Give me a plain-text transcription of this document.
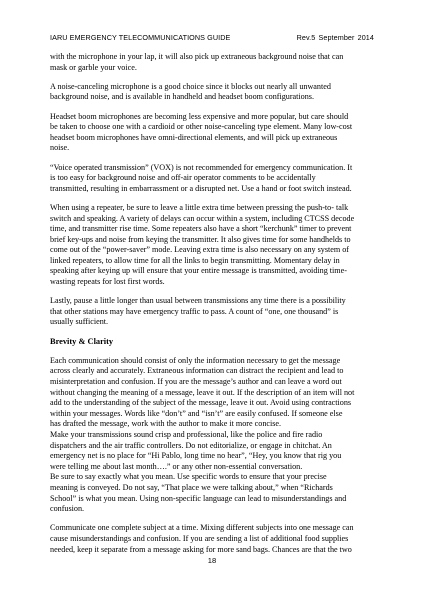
IARU EMERGENCY TELECOMMUNICATIONS GUIDE	Rev.5 September 2014

with the microphone in your lap, it will also pick up extraneous background noise that can
mask or garble your voice.

A noise-canceling microphone is a good choice since it blocks out nearly all unwanted
background noise, and is available in handheld and headset boom configurations.

Headset boom microphones are becoming less expensive and more popular, but care should
be taken to choose one with a cardioid or other noise-canceling type element. Many low-cost
headset boom microphones have omni-directional elements, and will pick up extraneous
noise.

“Voice operated transmission” (VOX) is not recommended for emergency communication. It
is too easy for background noise and off-air operator comments to be accidentally
transmitted, resulting in embarrassment or a disrupted net. Use a hand or foot switch instead.

When using a repeater, be sure to leave a little extra time between pressing the push-to- talk
switch and speaking. A variety of delays can occur within a system, including CTCSS decode
time, and transmitter rise time. Some repeaters also have a short “kerchunk” timer to prevent
brief key-ups and noise from keying the transmitter. It also gives time for some handhelds to
come out of the “power-saver” mode. Leaving extra time is also necessary on any system of
linked repeaters, to allow time for all the links to begin transmitting. Momentary delay in
speaking after keying up will ensure that your entire message is transmitted, avoiding time-
wasting repeats for lost first words.

Lastly, pause a little longer than usual between transmissions any time there is a possibility
that other stations may have emergency traffic to pass. A count of “one, one thousand” is
usually sufficient.

Brevity & Clarity

Each communication should consist of only the information necessary to get the message
across clearly and accurately. Extraneous information can distract the recipient and lead to
misinterpretation and confusion. If you are the message’s author and can leave a word out
without changing the meaning of a message, leave it out. If the description of an item will not
add to the understanding of the subject of the message, leave it out. Avoid using contractions
within your messages. Words like “don’t” and “isn’t” are easily confused. If someone else
has drafted the message, work with the author to make it more concise.
Make your transmissions sound crisp and professional, like the police and fire radio
dispatchers and the air traffic controllers. Do not editorialize, or engage in chitchat. An
emergency net is no place for “Hi Pablo, long time no hear”, “Hey, you know that rig you
were telling me about last month….” or any other non-essential conversation.
Be sure to say exactly what you mean. Use specific words to ensure that your precise
meaning is conveyed. Do not say, “That place we were talking about,” when “Richards
School” is what you mean. Using non-specific language can lead to misunderstandings and
confusion.

Communicate one complete subject at a time. Mixing different subjects into one message can
cause misunderstandings and confusion. If you are sending a list of additional food supplies
needed, keep it separate from a message asking for more sand bags. Chances are that the two

18
